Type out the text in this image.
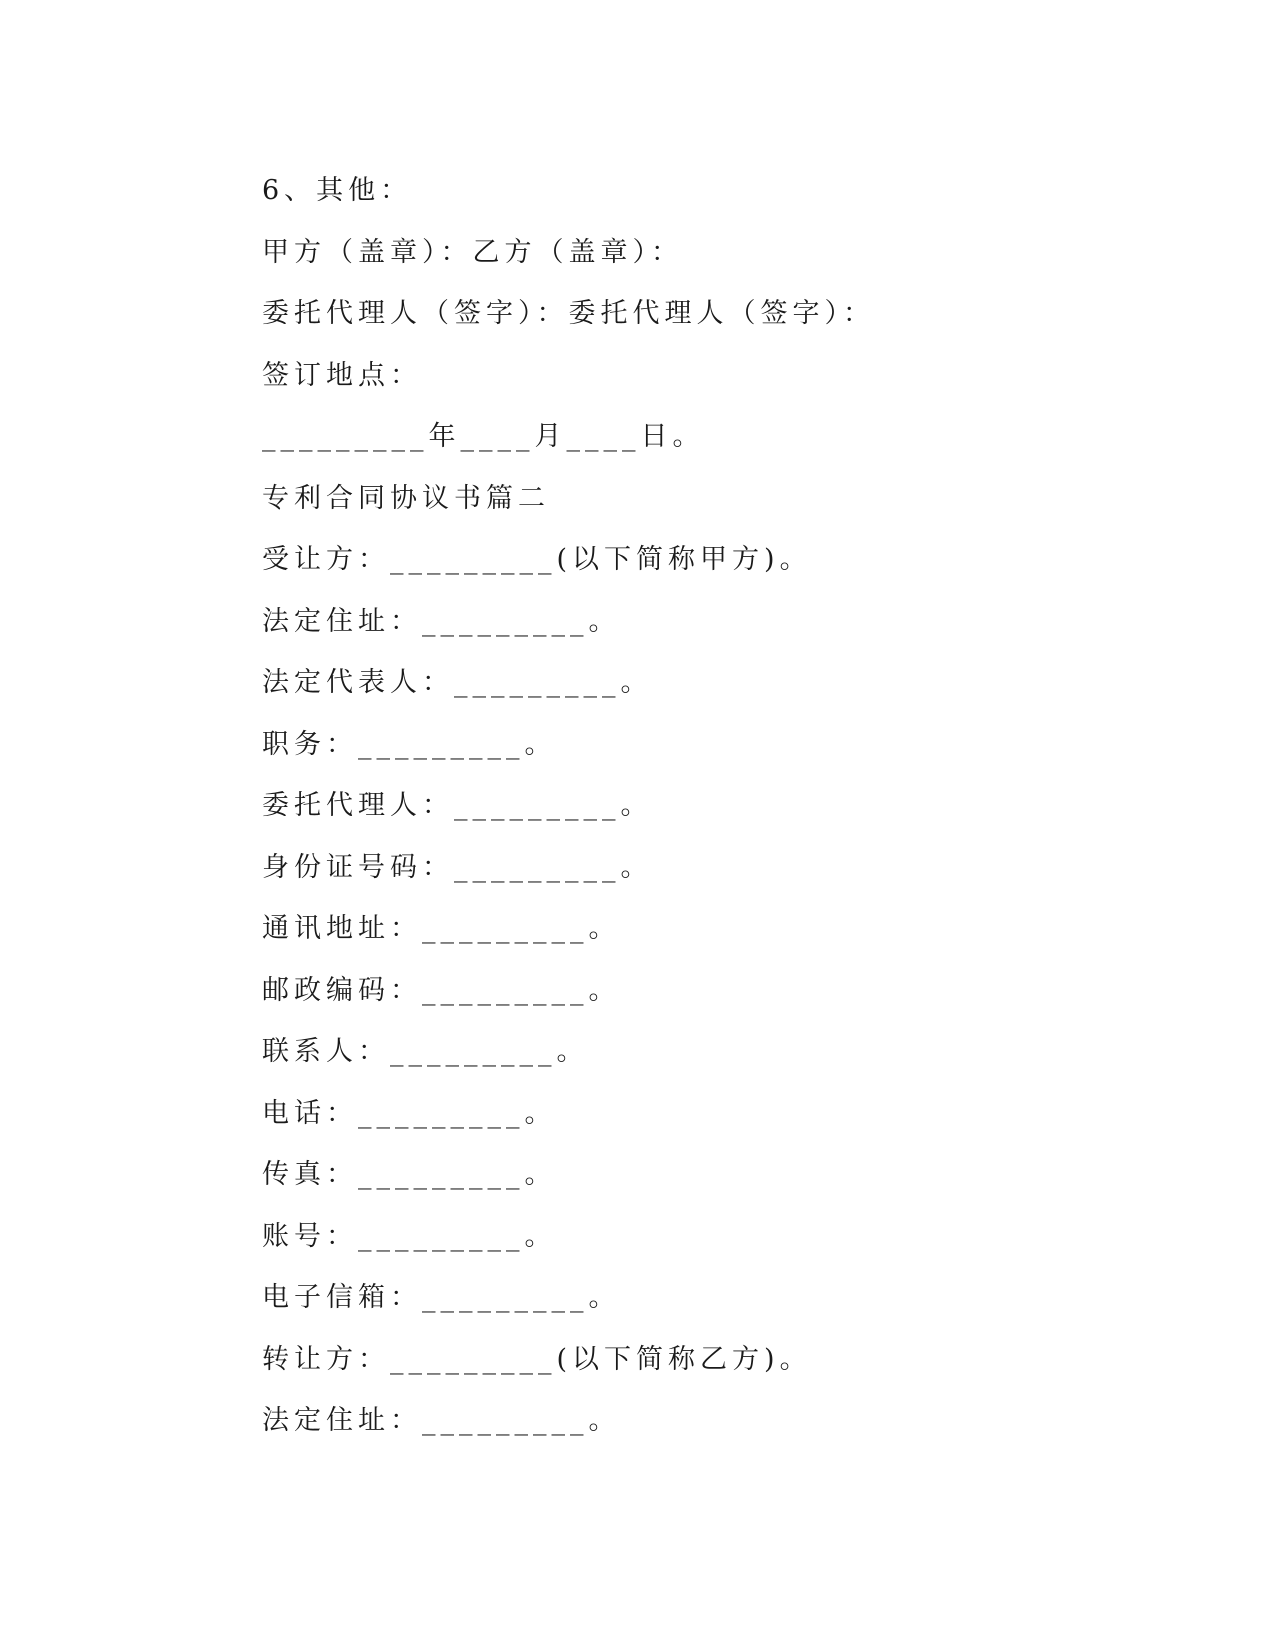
6、其他：
甲方（盖章）：乙方（盖章）：
委托代理人（签字）：委托代理人（签字）：
签订地点：
_________年____月____日。
专利合同协议书篇二
受让方：_________(以下简称甲方)。
法定住址：_________。
法定代表人：_________。
职务：_________。
委托代理人：_________。
身份证号码：_________。
通讯地址：_________。
邮政编码：_________。
联系人：_________。
电话：_________。
传真：_________。
账号：_________。
电子信箱：_________。
转让方：_________(以下简称乙方)。
法定住址：_________。
